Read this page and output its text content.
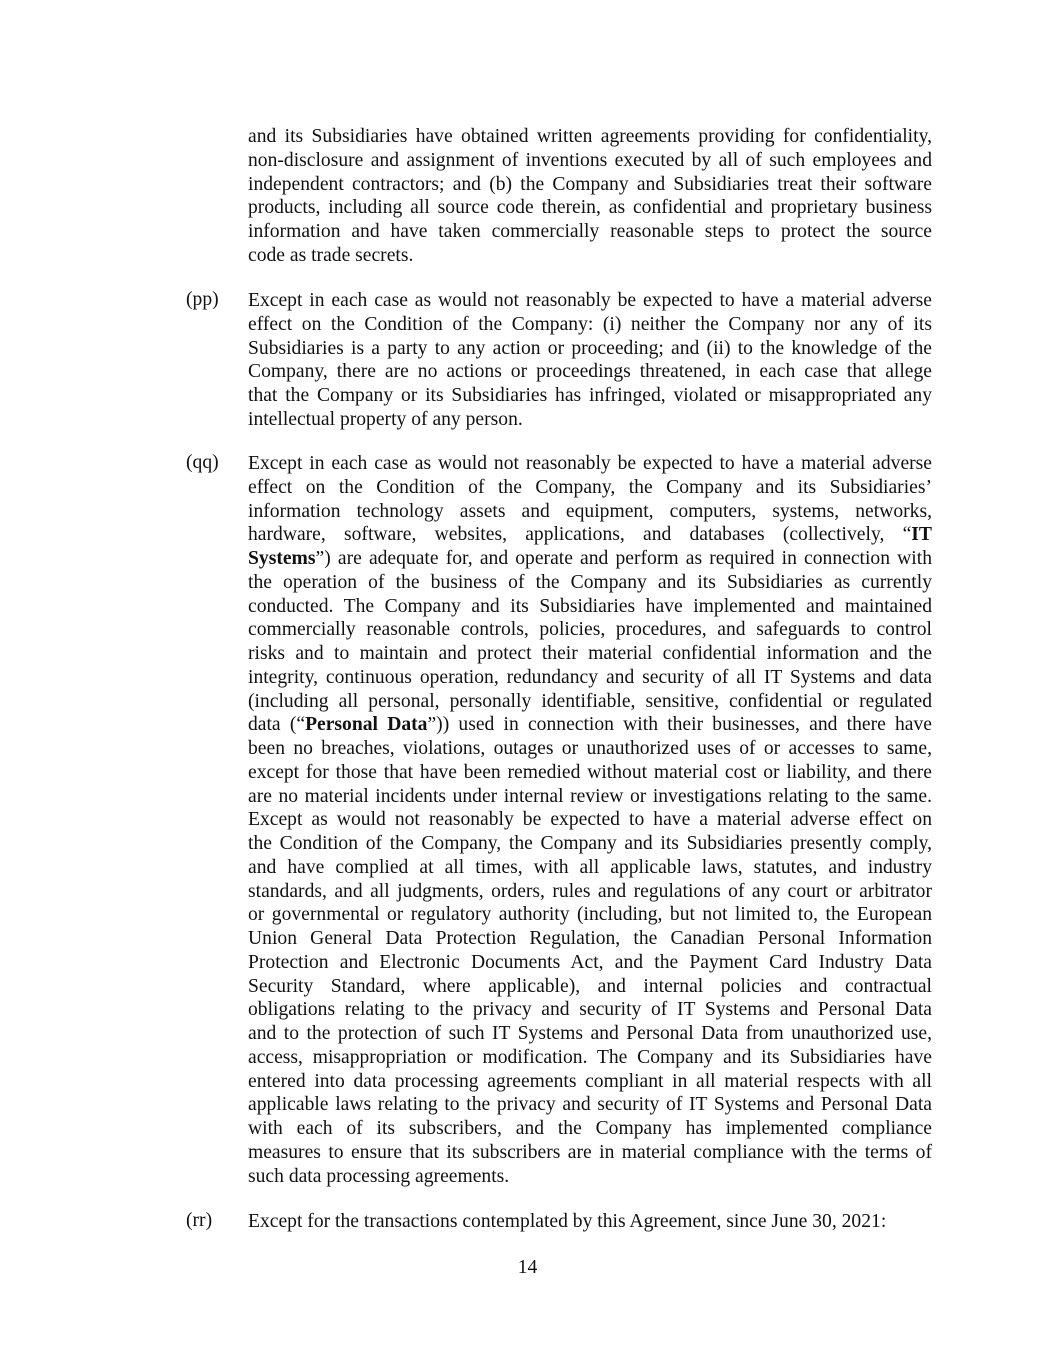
and its Subsidiaries have obtained written agreements providing for confidentiality,
non-disclosure and assignment of inventions executed by all of such employees and
independent contractors; and (b) the Company and Subsidiaries treat their software
products, including all source code therein, as confidential and proprietary business
information and have taken commercially reasonable steps to protect the source
code as trade secrets.
(pp) Except in each case as would not reasonably be expected to have a material adverse
effect on the Condition of the Company: (i) neither the Company nor any of its
Subsidiaries is a party to any action or proceeding; and (ii) to the knowledge of the
Company, there are no actions or proceedings threatened, in each case that allege
that the Company or its Subsidiaries has infringed, violated or misappropriated any
intellectual property of any person.
(qq) Except in each case as would not reasonably be expected to have a material adverse
effect on the Condition of the Company, the Company and its Subsidiaries’
information technology assets and equipment, computers, systems, networks,
hardware, software, websites, applications, and databases (collectively, “IT
Systems”) are adequate for, and operate and perform as required in connection with
the operation of the business of the Company and its Subsidiaries as currently
conducted. The Company and its Subsidiaries have implemented and maintained
commercially reasonable controls, policies, procedures, and safeguards to control
risks and to maintain and protect their material confidential information and the
integrity, continuous operation, redundancy and security of all IT Systems and data
(including all personal, personally identifiable, sensitive, confidential or regulated
data (“Personal Data”)) used in connection with their businesses, and there have
been no breaches, violations, outages or unauthorized uses of or accesses to same,
except for those that have been remedied without material cost or liability, and there
are no material incidents under internal review or investigations relating to the same.
Except as would not reasonably be expected to have a material adverse effect on
the Condition of the Company, the Company and its Subsidiaries presently comply,
and have complied at all times, with all applicable laws, statutes, and industry
standards, and all judgments, orders, rules and regulations of any court or arbitrator
or governmental or regulatory authority (including, but not limited to, the European
Union General Data Protection Regulation, the Canadian Personal Information
Protection and Electronic Documents Act, and the Payment Card Industry Data
Security Standard, where applicable), and internal policies and contractual
obligations relating to the privacy and security of IT Systems and Personal Data
and to the protection of such IT Systems and Personal Data from unauthorized use,
access, misappropriation or modification. The Company and its Subsidiaries have
entered into data processing agreements compliant in all material respects with all
applicable laws relating to the privacy and security of IT Systems and Personal Data
with each of its subscribers, and the Company has implemented compliance
measures to ensure that its subscribers are in material compliance with the terms of
such data processing agreements.
(rr) Except for the transactions contemplated by this Agreement, since June 30, 2021:
14
